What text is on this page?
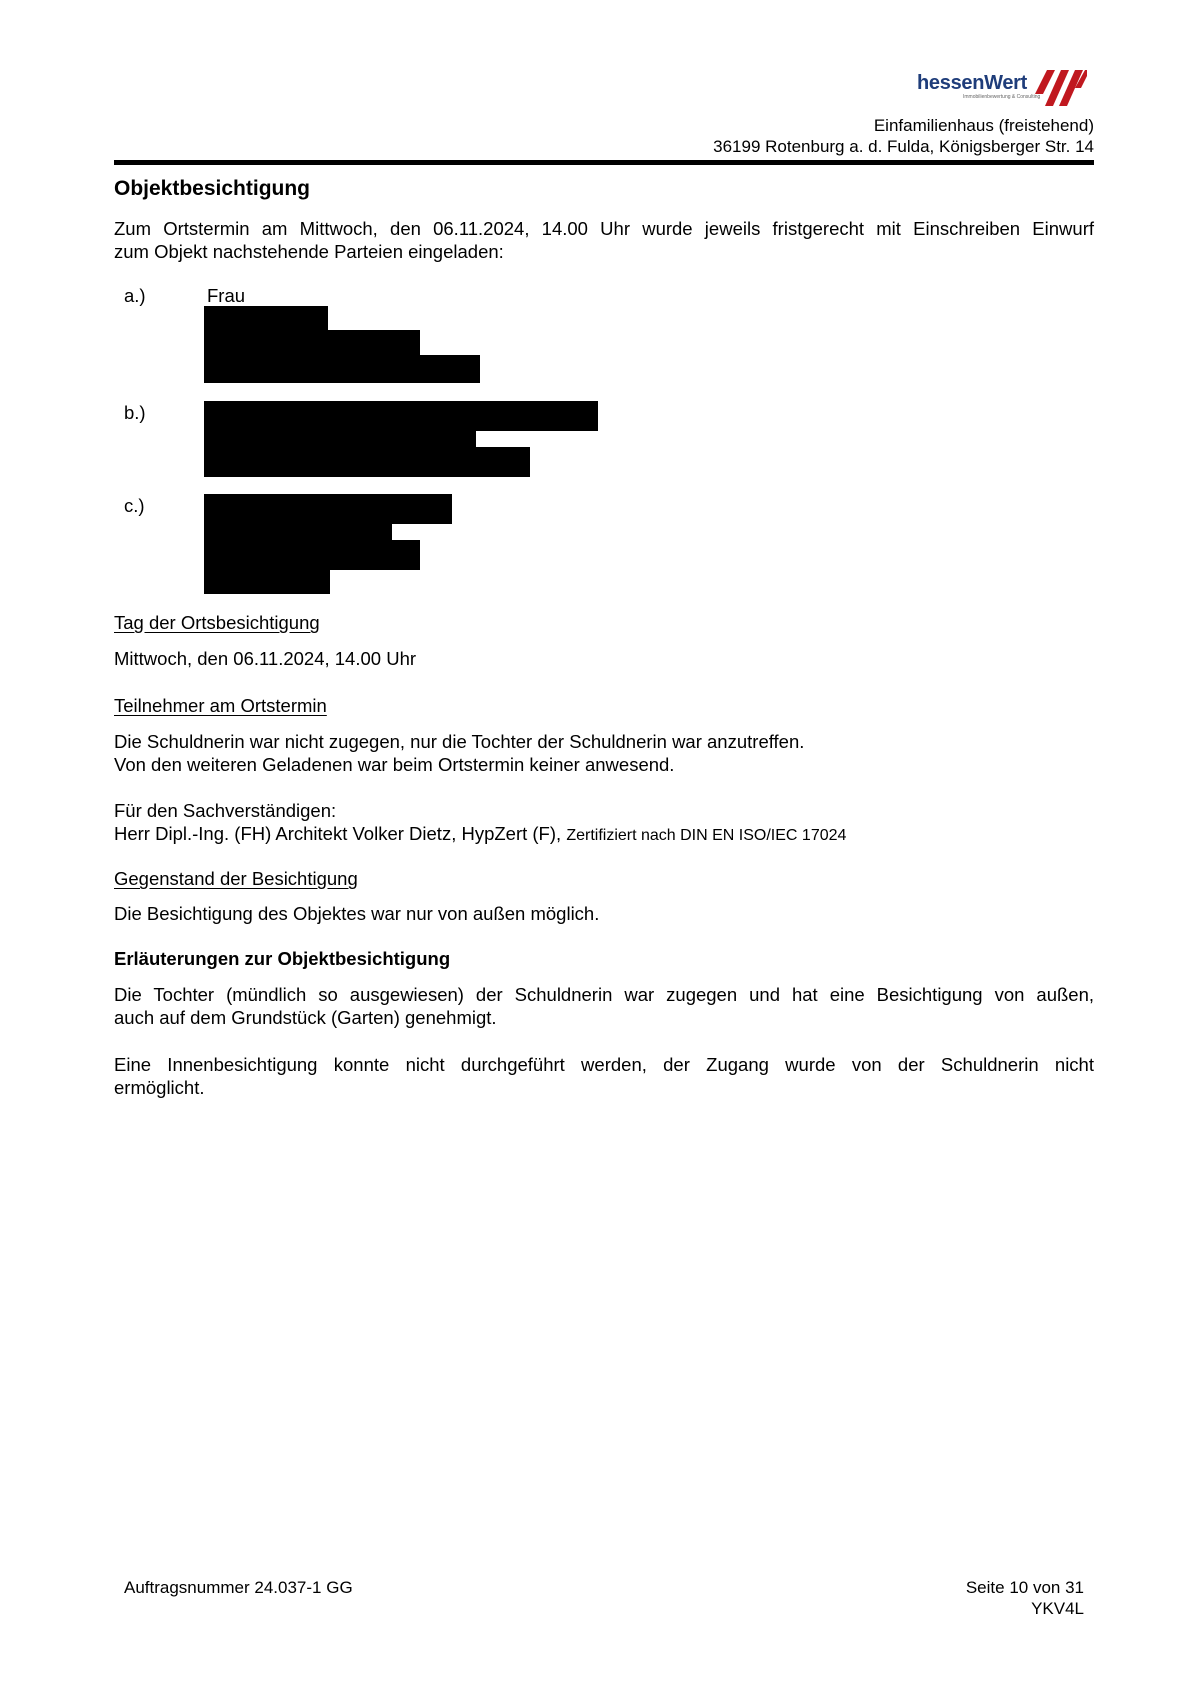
hessenWert
Immobilienbewertung & Consulting
Einfamilienhaus (freistehend)
36199 Rotenburg a. d. Fulda, Königsberger Str. 14
Objektbesichtigung
Zum Ortstermin am Mittwoch, den 06.11.2024, 14.00 Uhr wurde jeweils fristgerecht mit Einschreiben Einwurf
zum Objekt nachstehende Parteien eingeladen:
a.)	Frau
b.)
c.)
Tag der Ortsbesichtigung
Mittwoch, den 06.11.2024, 14.00 Uhr
Teilnehmer am Ortstermin
Die Schuldnerin war nicht zugegen, nur die Tochter der Schuldnerin war anzutreffen.
Von den weiteren Geladenen war beim Ortstermin keiner anwesend.
Für den Sachverständigen:
Herr Dipl.-Ing. (FH) Architekt Volker Dietz, HypZert (F), Zertifiziert nach DIN EN ISO/IEC 17024
Gegenstand der Besichtigung
Die Besichtigung des Objektes war nur von außen möglich.
Erläuterungen zur Objektbesichtigung
Die Tochter (mündlich so ausgewiesen) der Schuldnerin war zugegen und hat eine Besichtigung von außen,
auch auf dem Grundstück (Garten) genehmigt.
Eine Innenbesichtigung konnte nicht durchgeführt werden, der Zugang wurde von der Schuldnerin nicht
ermöglicht.
Auftragsnummer 24.037-1 GG	Seite 10 von 31
YKV4L
